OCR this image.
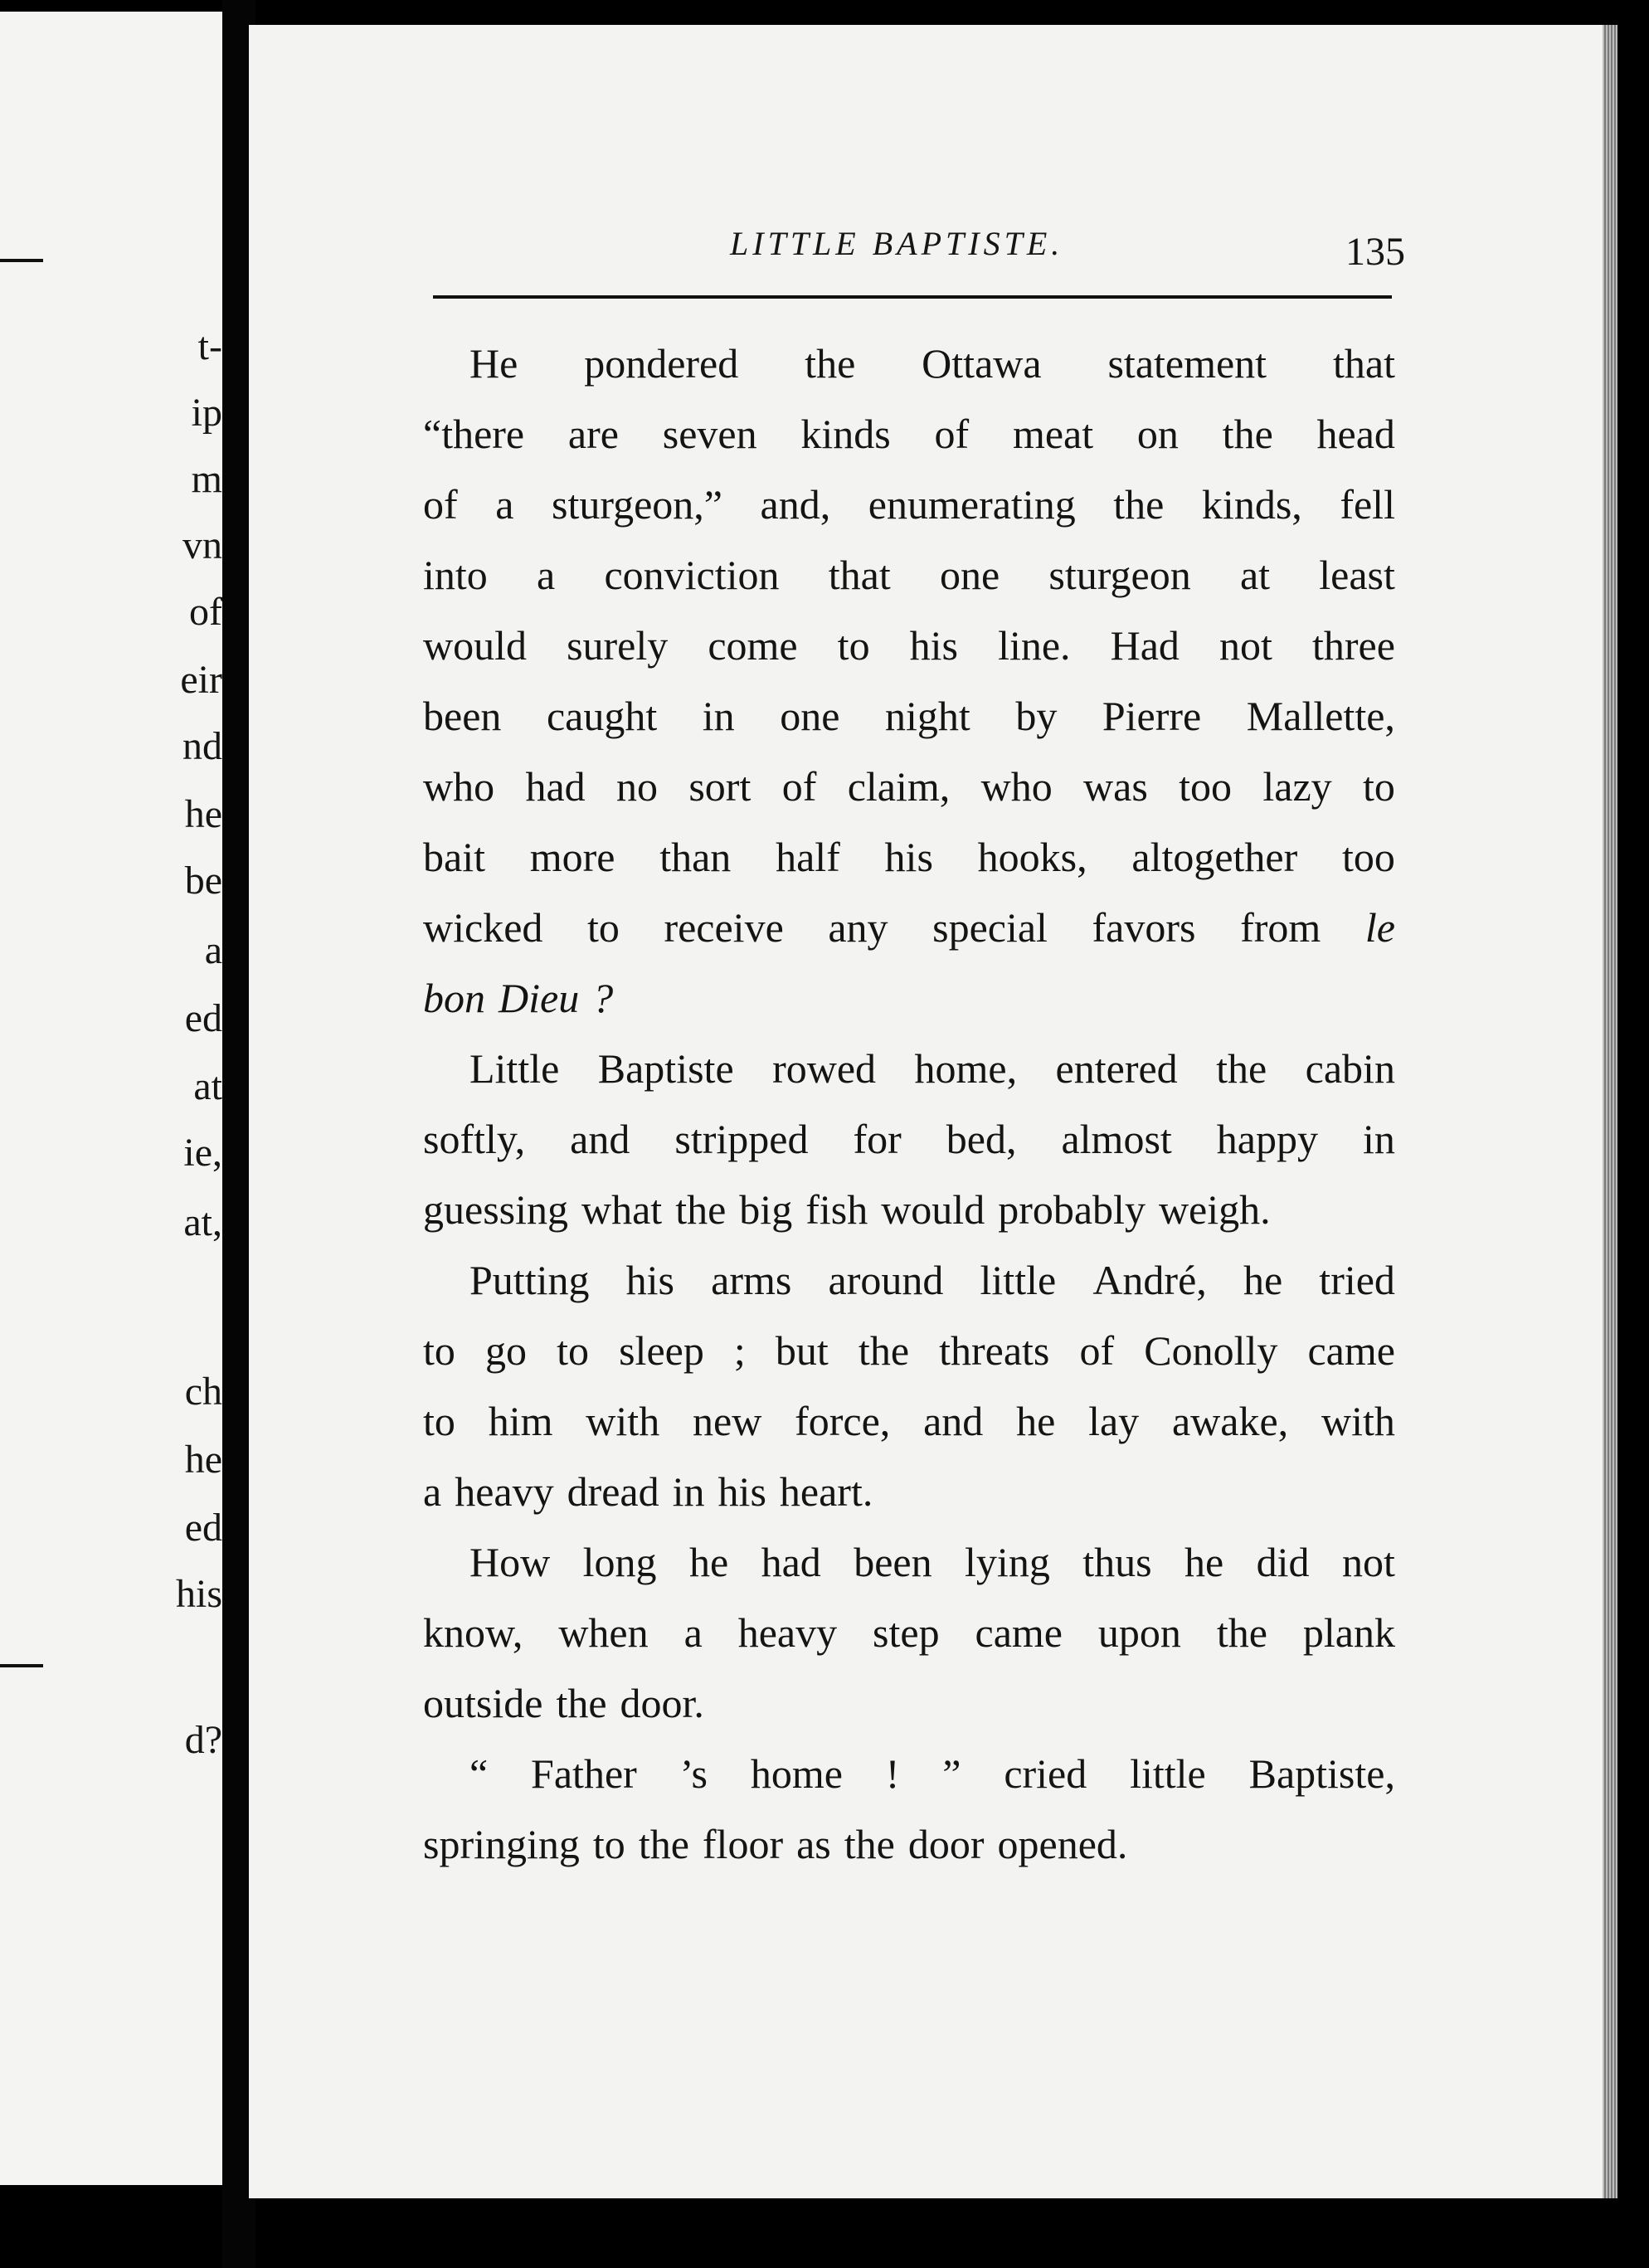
t-
ip
m
vn
of
eir
nd
he
be
a
ed
at
ie,
at,
ch
he
ed
his
d?
LITTLE BAPTISTE.	135
He pondered the Ottawa statement that
“there are seven kinds of meat on the head
of a sturgeon,” and, enumerating the kinds, fell
into a conviction that one sturgeon at least
would surely come to his line. Had not three
been caught in one night by Pierre Mallette,
who had no sort of claim, who was too lazy to
bait more than half his hooks, altogether too
wicked to receive any special favors from le
bon Dieu ?
Little Baptiste rowed home, entered the cabin
softly, and stripped for bed, almost happy in
guessing what the big fish would probably weigh.
Putting his arms around little André, he tried
to go to sleep ; but the threats of Conolly came
to him with new force, and he lay awake, with
a heavy dread in his heart.
How long he had been lying thus he did not
know, when a heavy step came upon the plank
outside the door.
“ Father ’s home ! ” cried little Baptiste,
springing to the floor as the door opened.
